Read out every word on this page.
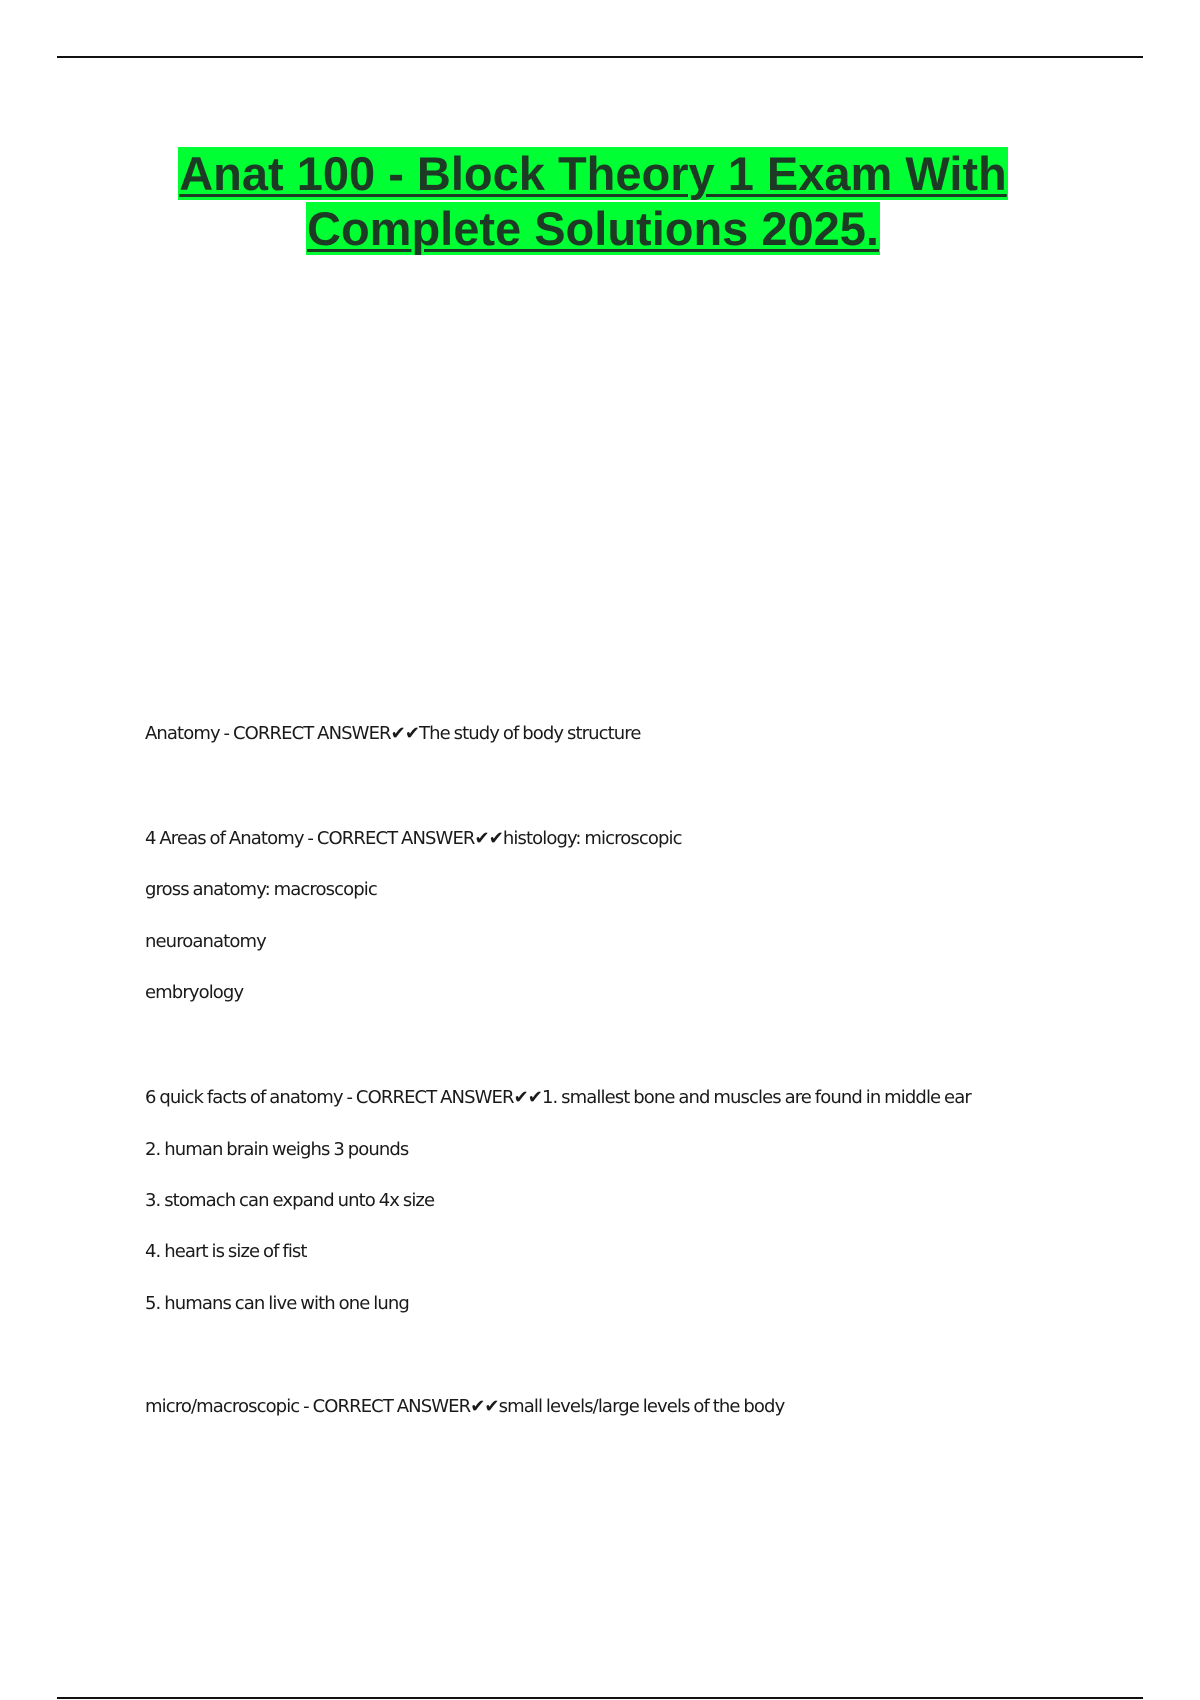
Anat 100 - Block Theory 1 Exam With
Complete Solutions 2025.
Anatomy - CORRECT ANSWER✔✔The study of body structure
4 Areas of Anatomy - CORRECT ANSWER✔✔histology: microscopic
gross anatomy: macroscopic
neuroanatomy
embryology
6 quick facts of anatomy - CORRECT ANSWER✔✔1. smallest bone and muscles are found in middle ear
2. human brain weighs 3 pounds
3. stomach can expand unto 4x size
4. heart is size of fist
5. humans can live with one lung
micro/macroscopic - CORRECT ANSWER✔✔small levels/large levels of the body
